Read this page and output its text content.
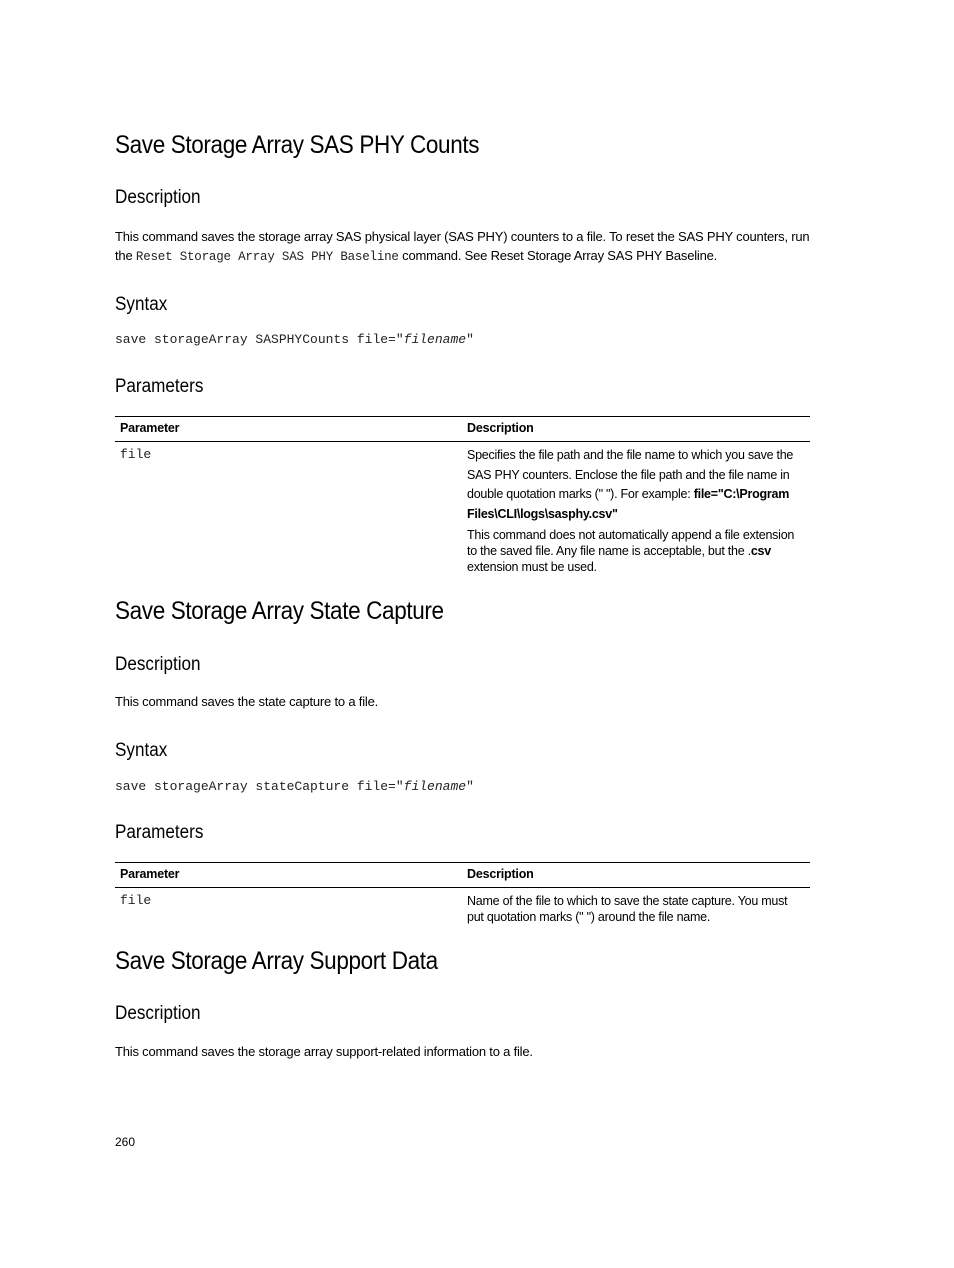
Save Storage Array SAS PHY Counts
Description

This command saves the storage array SAS physical layer (SAS PHY) counters to a file. To reset the SAS PHY counters, run the Reset Storage Array SAS PHY Baseline command. See Reset Storage Array SAS PHY Baseline.

Syntax
save storageArray SASPHYCounts file="filename"
Parameters
Parameter	Description
file	Specifies the file path and the file name to which you save the SAS PHY counters. Enclose the file path and the file name in double quotation marks (" "). For example: file="C:\Program Files\CLI\logs\sasphy.csv"
This command does not automatically append a file extension to the saved file. Any file name is acceptable, but the .csv extension must be used.
Save Storage Array State Capture
Description

This command saves the state capture to a file.

Syntax
save storageArray stateCapture file="filename"
Parameters
Parameter	Description
file	Name of the file to which to save the state capture. You must put quotation marks (" ") around the file name.
Save Storage Array Support Data
Description

This command saves the storage array support-related information to a file.

260
